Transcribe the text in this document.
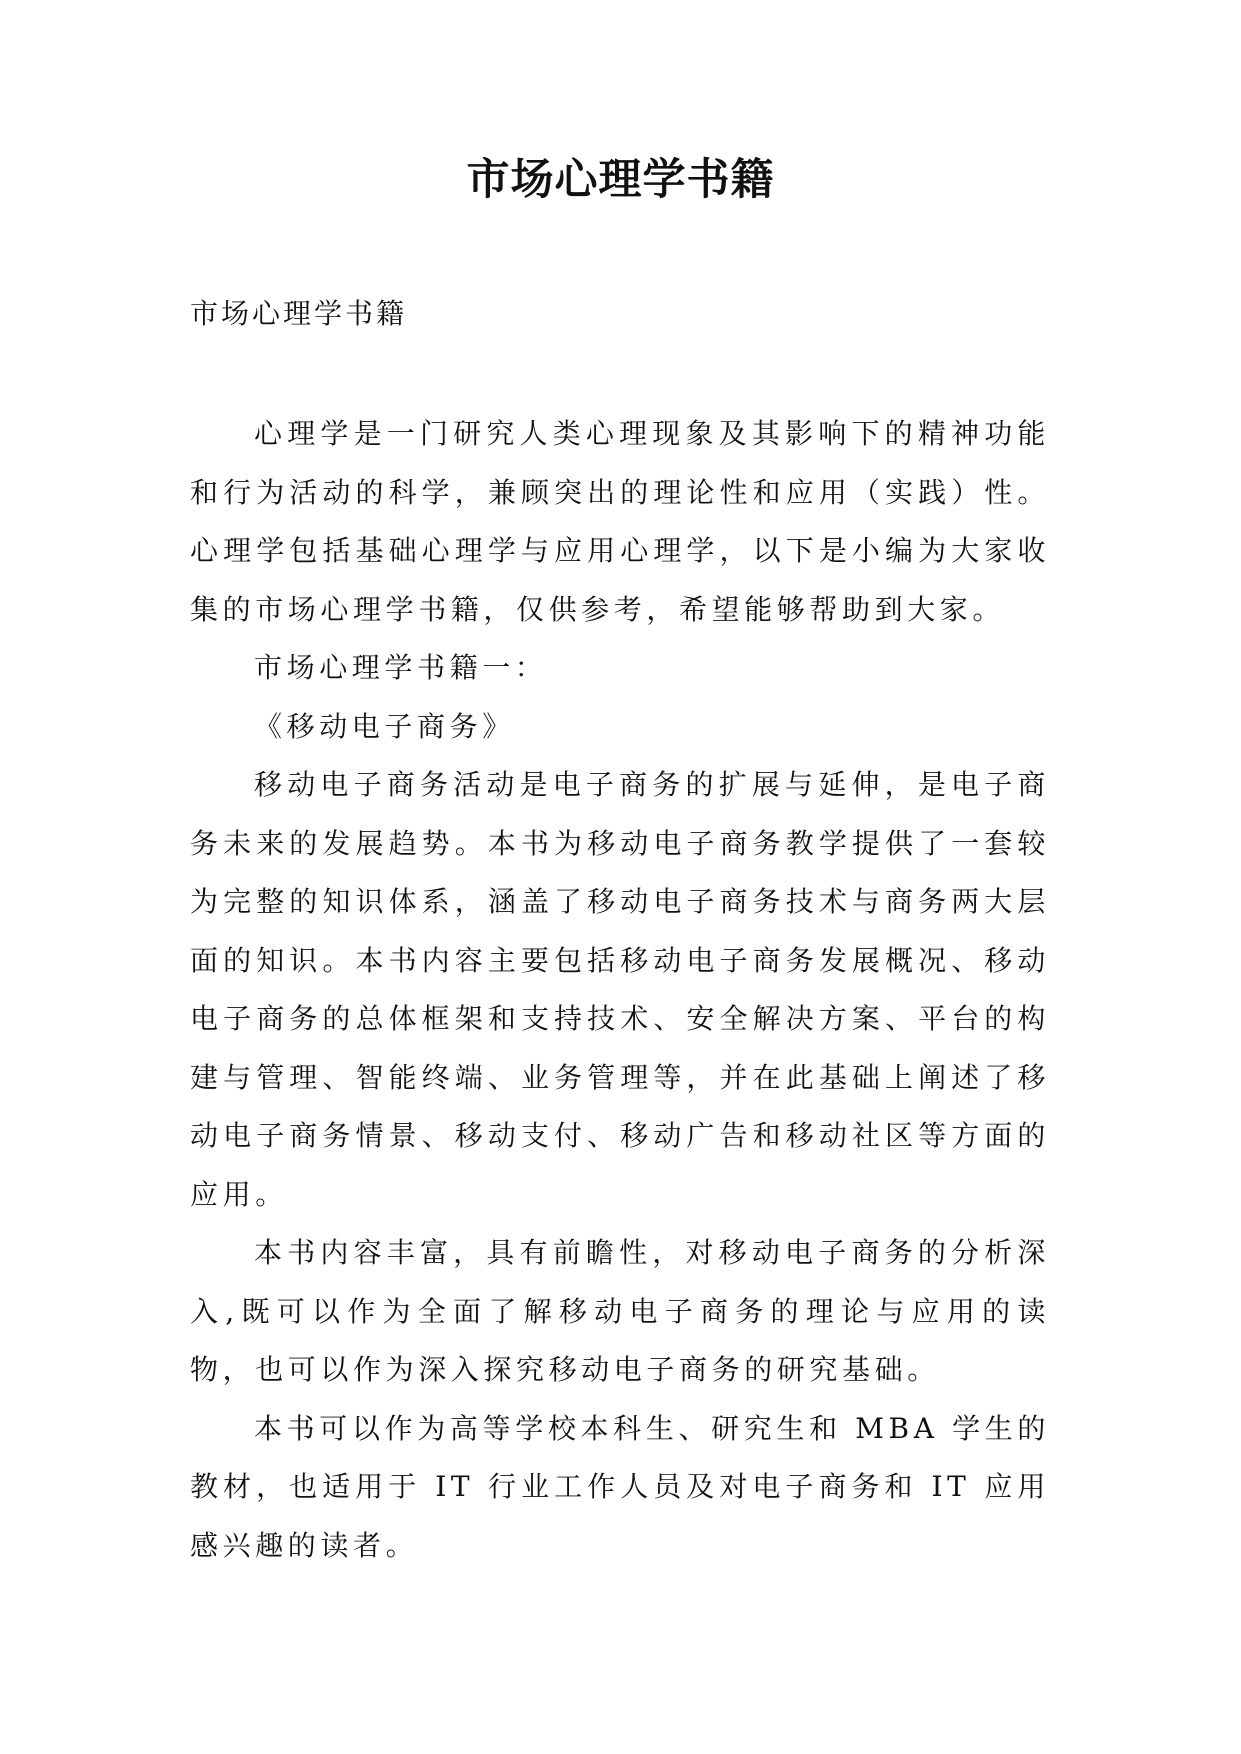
市场心理学书籍
市场心理学书籍

心理学是一门研究人类心理现象及其影响下的精神功能和行为活动的科学，兼顾突出的理论性和应用（实践）性。心理学包括基础心理学与应用心理学，以下是小编为大家收集的市场心理学书籍，仅供参考，希望能够帮助到大家。

市场心理学书籍一：

《移动电子商务》

移动电子商务活动是电子商务的扩展与延伸，是电子商务未来的发展趋势。本书为移动电子商务教学提供了一套较为完整的知识体系，涵盖了移动电子商务技术与商务两大层面的知识。本书内容主要包括移动电子商务发展概况、移动电子商务的总体框架和支持技术、安全解决方案、平台的构建与管理、智能终端、业务管理等，并在此基础上阐述了移动电子商务情景、移动支付、移动广告和移动社区等方面的应用。

本书内容丰富，具有前瞻性，对移动电子商务的分析深入,既可以作为全面了解移动电子商务的理论与应用的读物，也可以作为深入探究移动电子商务的研究基础。

本书可以作为高等学校本科生、研究生和 MBA 学生的教材，也适用于 IT 行业工作人员及对电子商务和 IT 应用感兴趣的读者。
